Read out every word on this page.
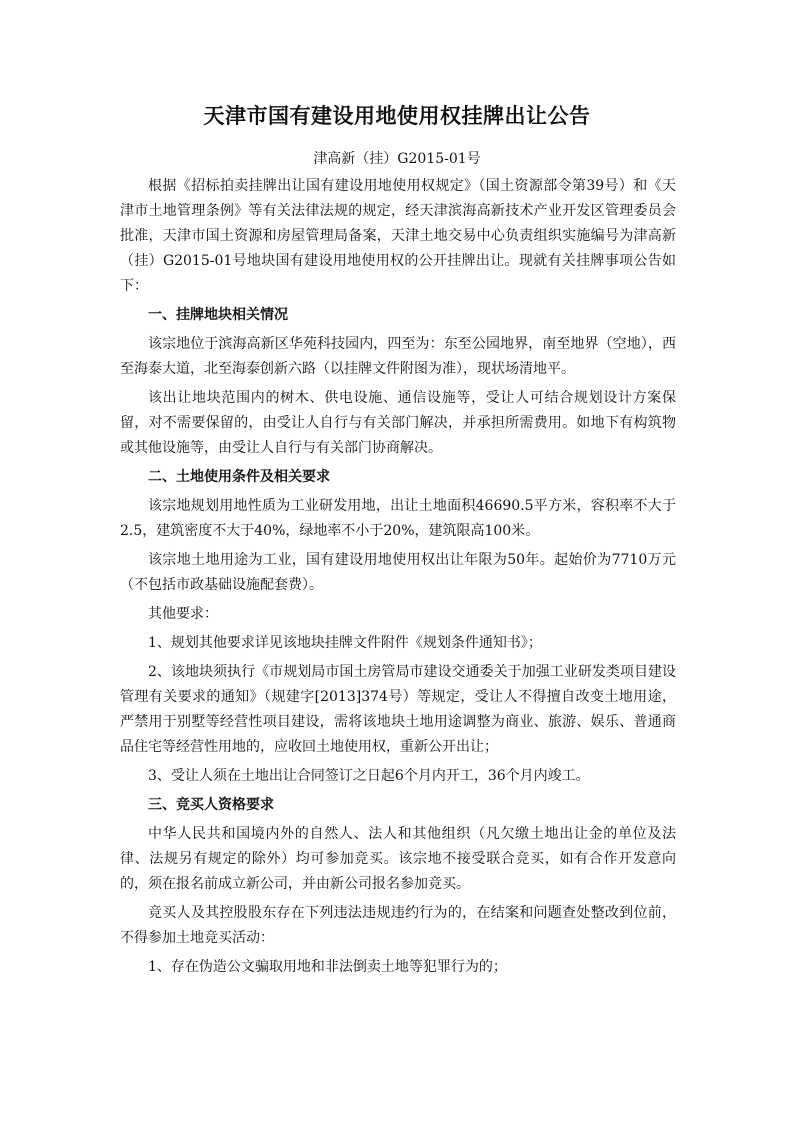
天津市国有建设用地使用权挂牌出让公告
津高新（挂）G2015-01号

根据《招标拍卖挂牌出让国有建设用地使用权规定》（国土资源部令第39号）和《天津市土地管理条例》等有关法律法规的规定，经天津滨海高新技术产业开发区管理委员会批准，天津市国土资源和房屋管理局备案，天津土地交易中心负责组织实施编号为津高新（挂）G2015-01号地块国有建设用地使用权的公开挂牌出让。现就有关挂牌事项公告如下：

一、挂牌地块相关情况

该宗地位于滨海高新区华苑科技园内，四至为：东至公园地界，南至地界（空地），西至海泰大道，北至海泰创新六路（以挂牌文件附图为准），现状场清地平。

该出让地块范围内的树木、供电设施、通信设施等，受让人可结合规划设计方案保留，对不需要保留的，由受让人自行与有关部门解决，并承担所需费用。如地下有构筑物或其他设施等，由受让人自行与有关部门协商解决。

二、土地使用条件及相关要求

该宗地规划用地性质为工业研发用地，出让土地面积46690.5平方米，容积率不大于2.5，建筑密度不大于40%，绿地率不小于20%，建筑限高100米。

该宗地土地用途为工业，国有建设用地使用权出让年限为50年。起始价为7710万元（不包括市政基础设施配套费）。

其他要求：

1、规划其他要求详见该地块挂牌文件附件《规划条件通知书》；

2、该地块须执行《市规划局市国土房管局市建设交通委关于加强工业研发类项目建设管理有关要求的通知》（规建字[2013]374号）等规定，受让人不得擅自改变土地用途，严禁用于别墅等经营性项目建设，需将该地块土地用途调整为商业、旅游、娱乐、普通商品住宅等经营性用地的，应收回土地使用权，重新公开出让；

3、受让人须在土地出让合同签订之日起6个月内开工，36个月内竣工。

三、竞买人资格要求

中华人民共和国境内外的自然人、法人和其他组织（凡欠缴土地出让金的单位及法律、法规另有规定的除外）均可参加竞买。该宗地不接受联合竞买，如有合作开发意向的，须在报名前成立新公司，并由新公司报名参加竞买。

竞买人及其控股股东存在下列违法违规违约行为的，在结案和问题查处整改到位前，不得参加土地竞买活动：

1、存在伪造公文骗取用地和非法倒卖土地等犯罪行为的；
